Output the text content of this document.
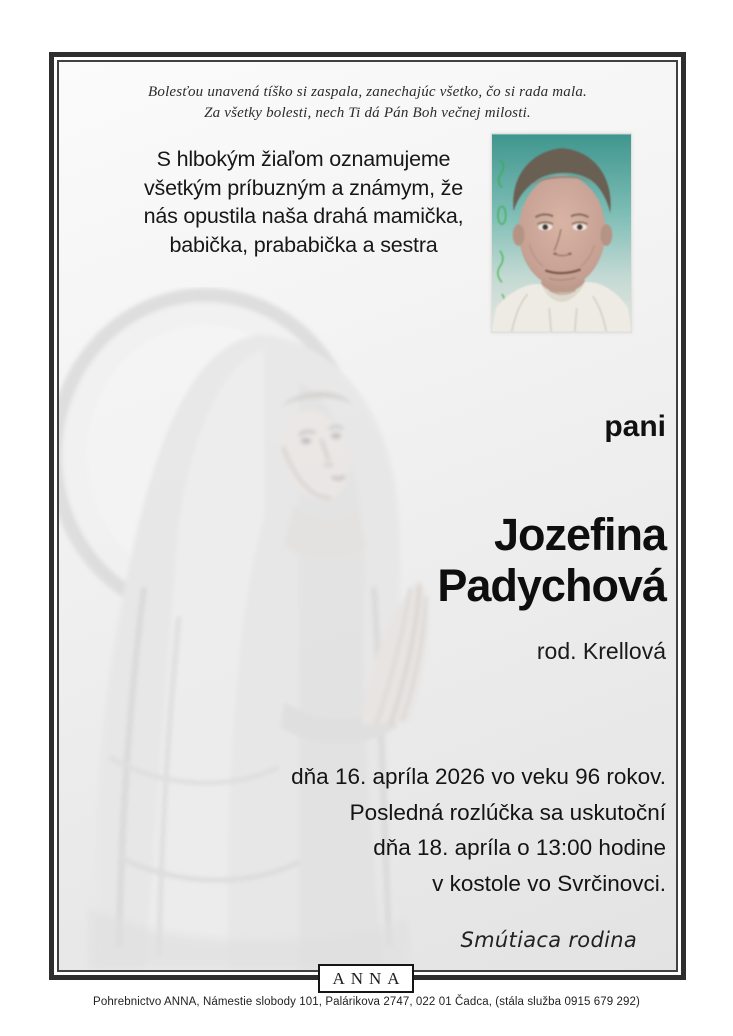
Bolesťou unavená tíško si zaspala, zanechajúc všetko, čo si rada mala.
Za všetky bolesti, nech Ti dá Pán Boh večnej milosti.
S hlbokým žiaľom oznamujeme
všetkým príbuzným a známym, že
nás opustila naša drahá mamička,
babička, prababička a sestra
pani
Jozefina
Padychová
rod. Krellová
dňa 16. apríla 2026 vo veku 96 rokov.
Posledná rozlúčka sa uskutoční
dňa 18. apríla o 13:00 hodine
v kostole vo Svrčinovci.
Smútiaca rodina
ANNA
Pohrebnictvo ANNA, Námestie slobody 101, Palárikova 2747, 022 01 Čadca, (stála služba 0915 679 292)
